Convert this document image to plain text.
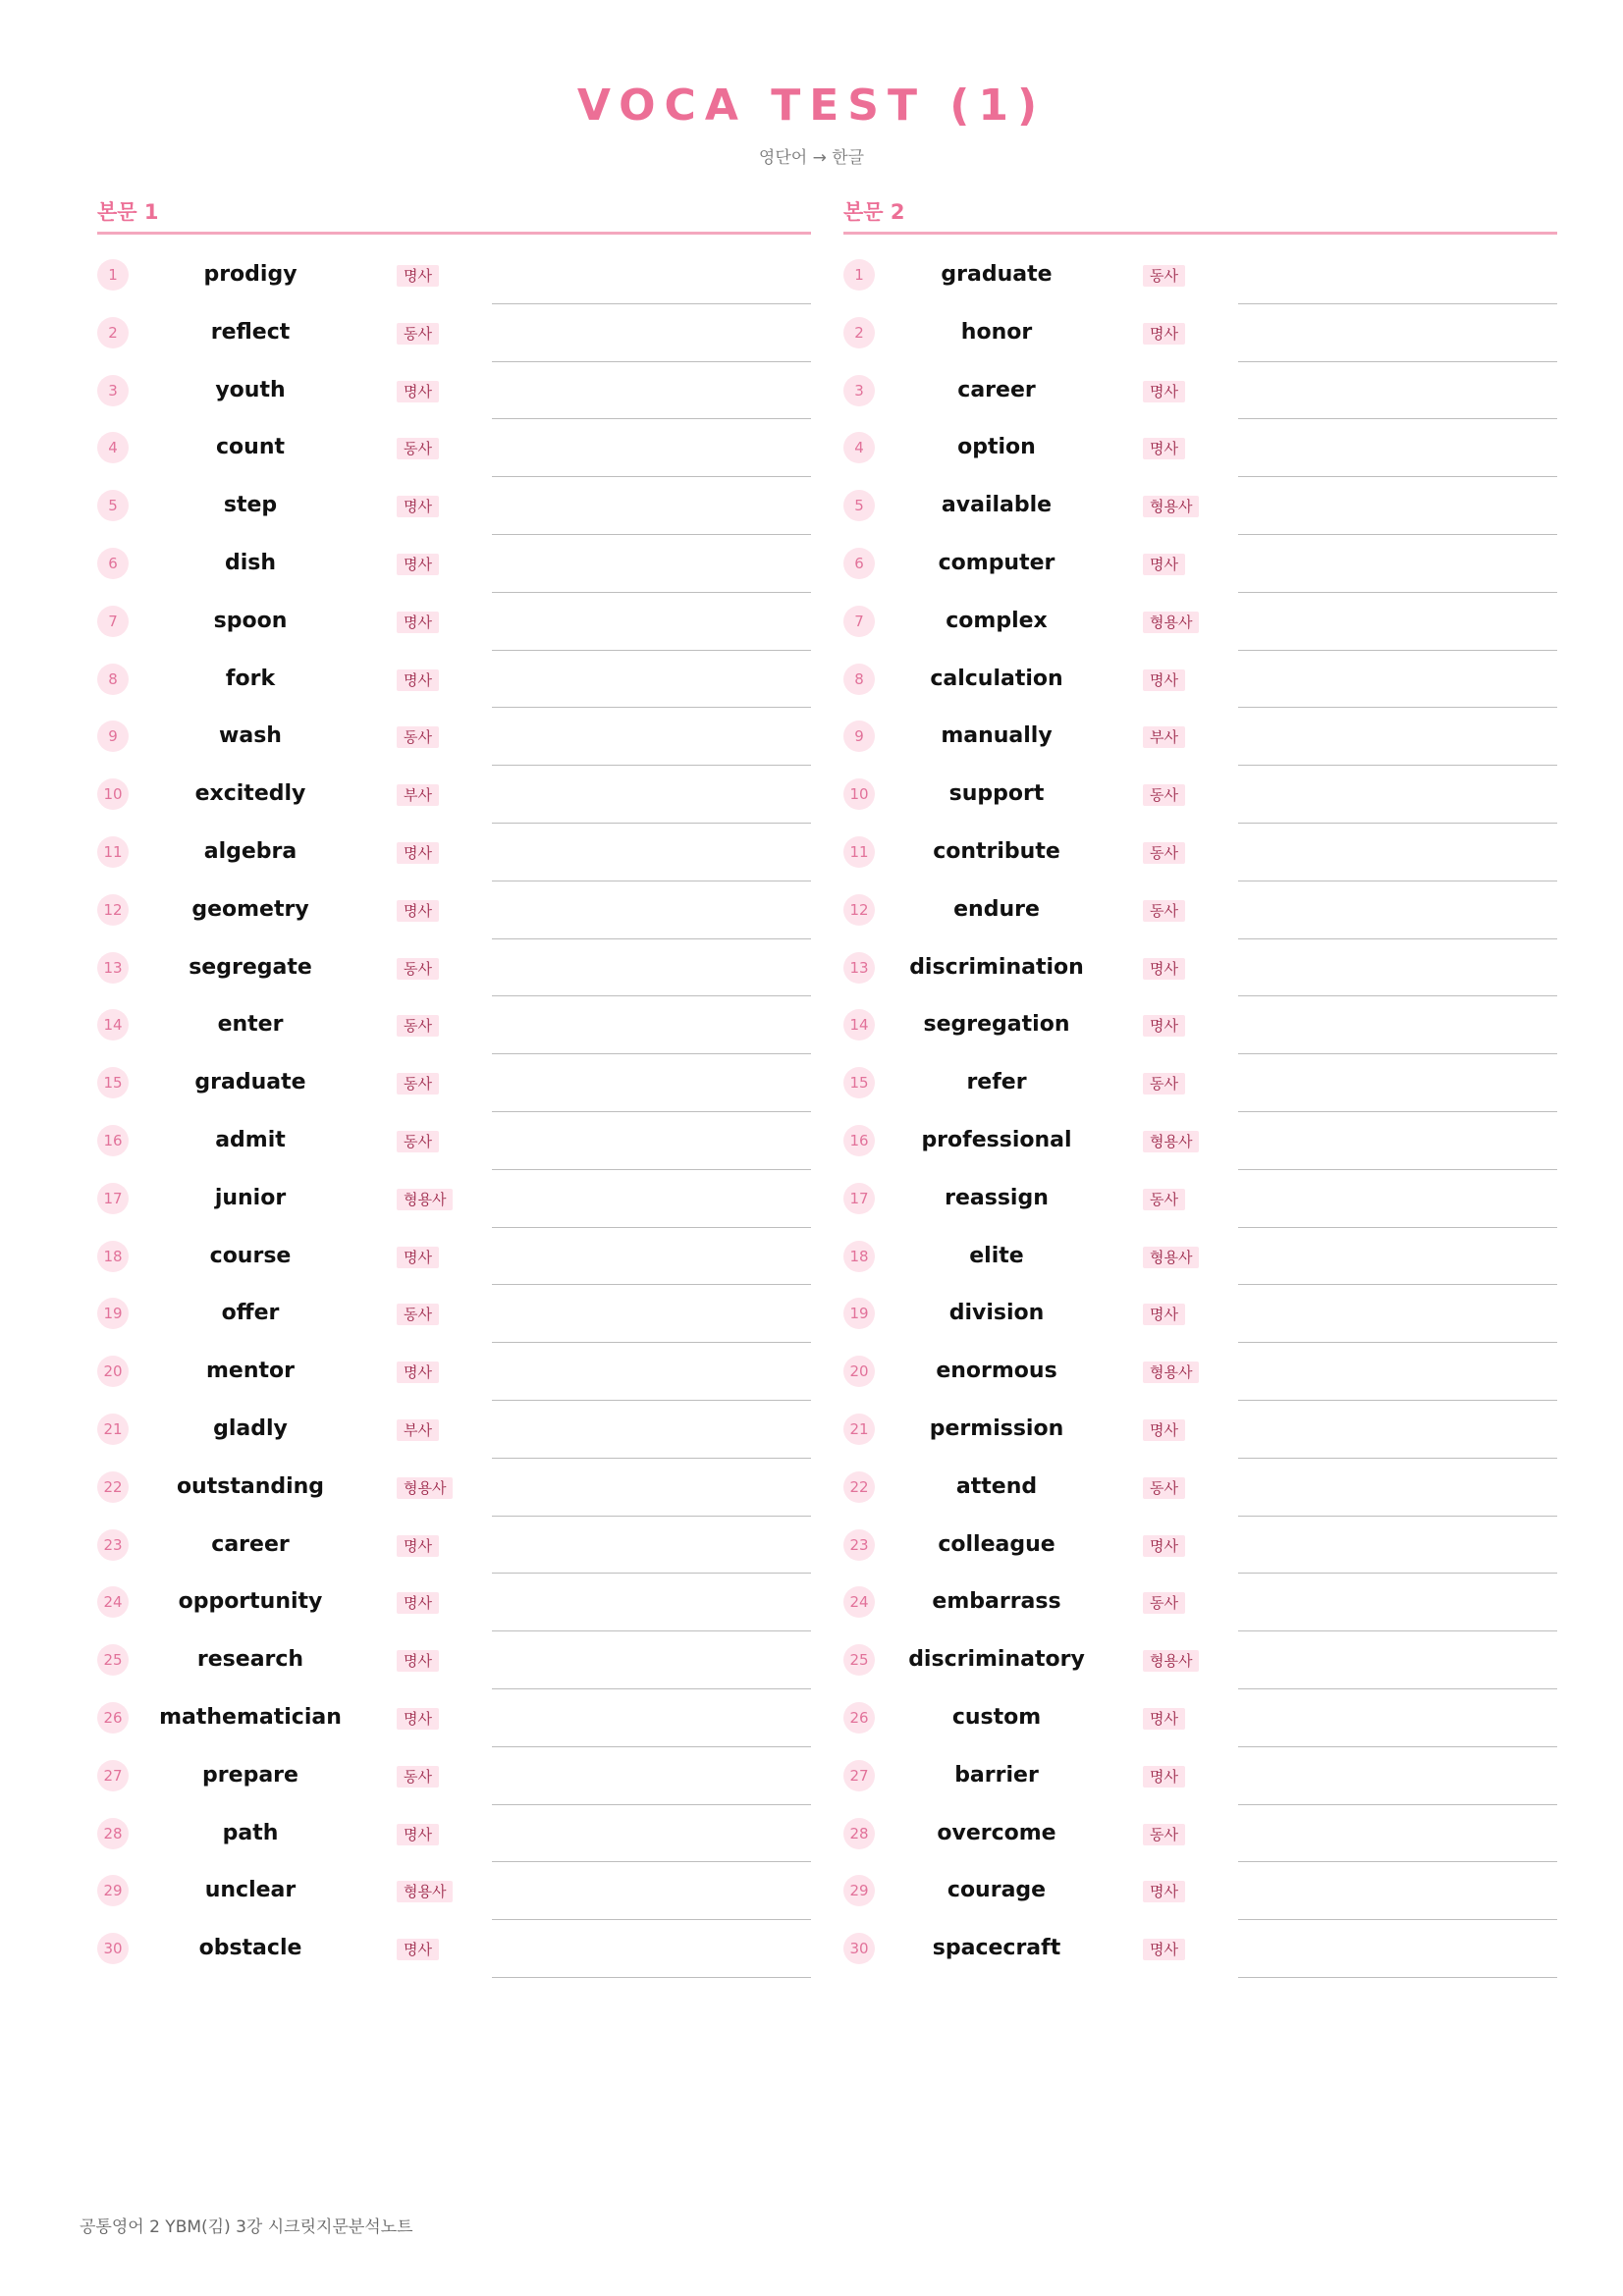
VOCA TEST (1)
영단어 → 한글
본문 1
1	prodigy	명사
2	reflect	동사
3	youth	명사
4	count	동사
5	step	명사
6	dish	명사
7	spoon	명사
8	fork	명사
9	wash	동사
10	excitedly	부사
11	algebra	명사
12	geometry	명사
13	segregate	동사
14	enter	동사
15	graduate	동사
16	admit	동사
17	junior	형용사
18	course	명사
19	offer	동사
20	mentor	명사
21	gladly	부사
22	outstanding	형용사
23	career	명사
24	opportunity	명사
25	research	명사
26	mathematician	명사
27	prepare	동사
28	path	명사
29	unclear	형용사
30	obstacle	명사
본문 2
1	graduate	동사
2	honor	명사
3	career	명사
4	option	명사
5	available	형용사
6	computer	명사
7	complex	형용사
8	calculation	명사
9	manually	부사
10	support	동사
11	contribute	동사
12	endure	동사
13	discrimination	명사
14	segregation	명사
15	refer	동사
16	professional	형용사
17	reassign	동사
18	elite	형용사
19	division	명사
20	enormous	형용사
21	permission	명사
22	attend	동사
23	colleague	명사
24	embarrass	동사
25	discriminatory	형용사
26	custom	명사
27	barrier	명사
28	overcome	동사
29	courage	명사
30	spacecraft	명사
공통영어 2 YBM(김) 3강 시크릿지문분석노트
